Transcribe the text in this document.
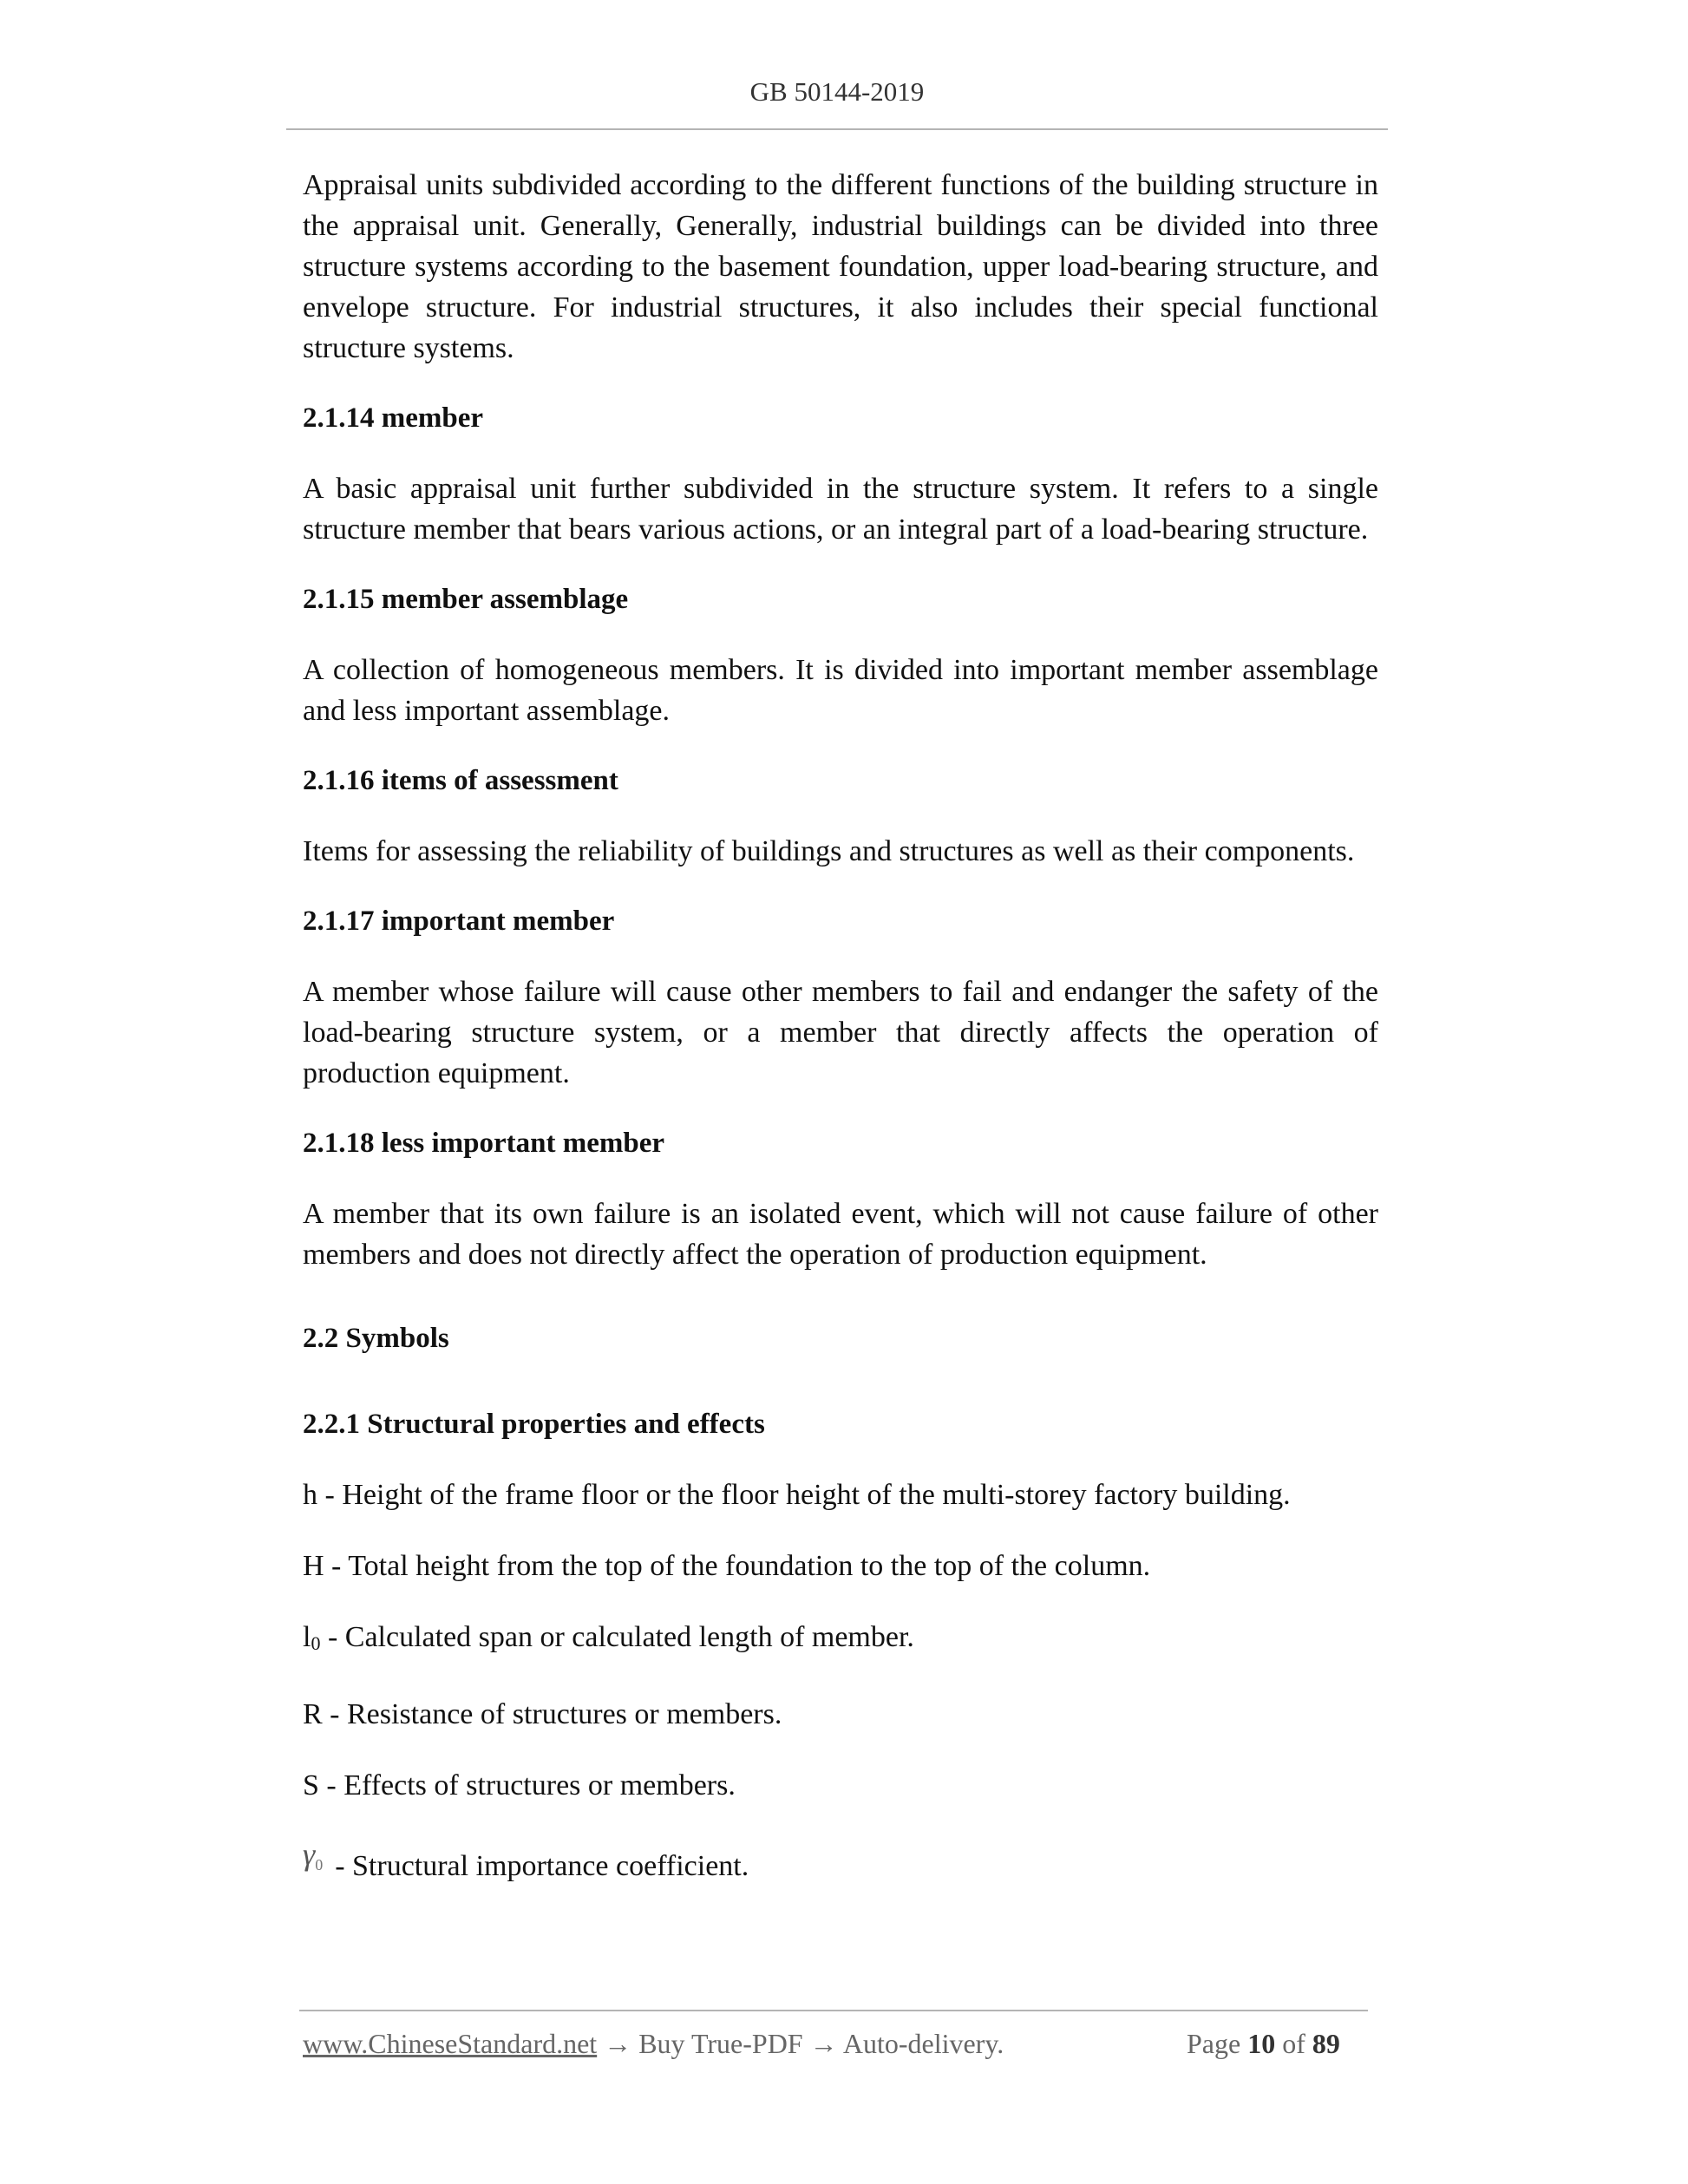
GB 50144-2019

Appraisal units subdivided according to the different functions of the building structure in the appraisal unit. Generally, Generally, industrial buildings can be divided into three structure systems according to the basement foundation, upper load-bearing structure, and envelope structure. For industrial structures, it also includes their special functional structure systems.

2.1.14 member

A basic appraisal unit further subdivided in the structure system. It refers to a single structure member that bears various actions, or an integral part of a load-bearing structure.

2.1.15 member assemblage

A collection of homogeneous members. It is divided into important member assemblage and less important assemblage.

2.1.16 items of assessment

Items for assessing the reliability of buildings and structures as well as their components.

2.1.17 important member

A member whose failure will cause other members to fail and endanger the safety of the load-bearing structure system, or a member that directly affects the operation of production equipment.

2.1.18 less important member

A member that its own failure is an isolated event, which will not cause failure of other members and does not directly affect the operation of production equipment.

2.2 Symbols
2.2.1 Structural properties and effects

h - Height of the frame floor or the floor height of the multi-storey factory building.

H - Total height from the top of the foundation to the top of the column.

l0 - Calculated span or calculated length of member.

R - Resistance of structures or members.

S - Effects of structures or members.

γ0 - Structural importance coefficient.
www.ChineseStandard.net → Buy True-PDF → Auto-delivery.	Page 10 of 89
